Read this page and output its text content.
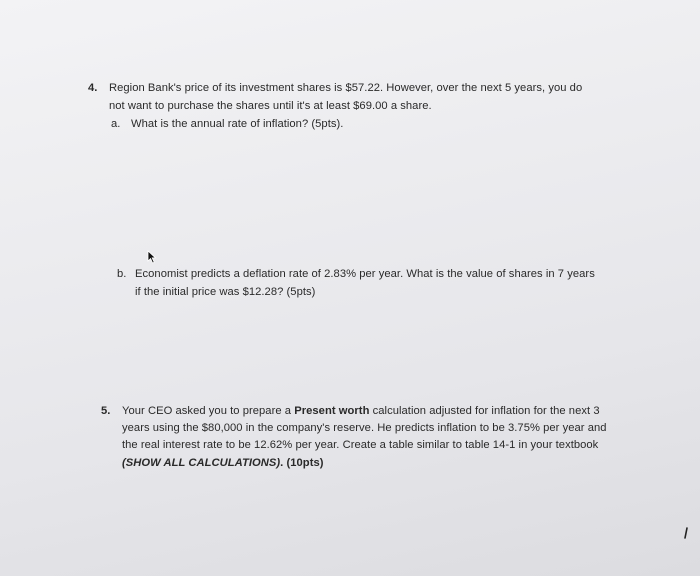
4. Region Bank's price of its investment shares is $57.22. However, over the next 5 years, you do
not want to purchase the shares until it's at least $69.00 a share.
a. What is the annual rate of inflation? (5pts).
b. Economist predicts a deflation rate of 2.83% per year. What is the value of shares in 7 years
if the initial price was $12.28? (5pts)
5. Your CEO asked you to prepare a Present worth calculation adjusted for inflation for the next 3
years using the $80,000 in the company's reserve. He predicts inflation to be 3.75% per year and
the real interest rate to be 12.62% per year. Create a table similar to table 14-1 in your textbook
(SHOW ALL CALCULATIONS). (10pts)
